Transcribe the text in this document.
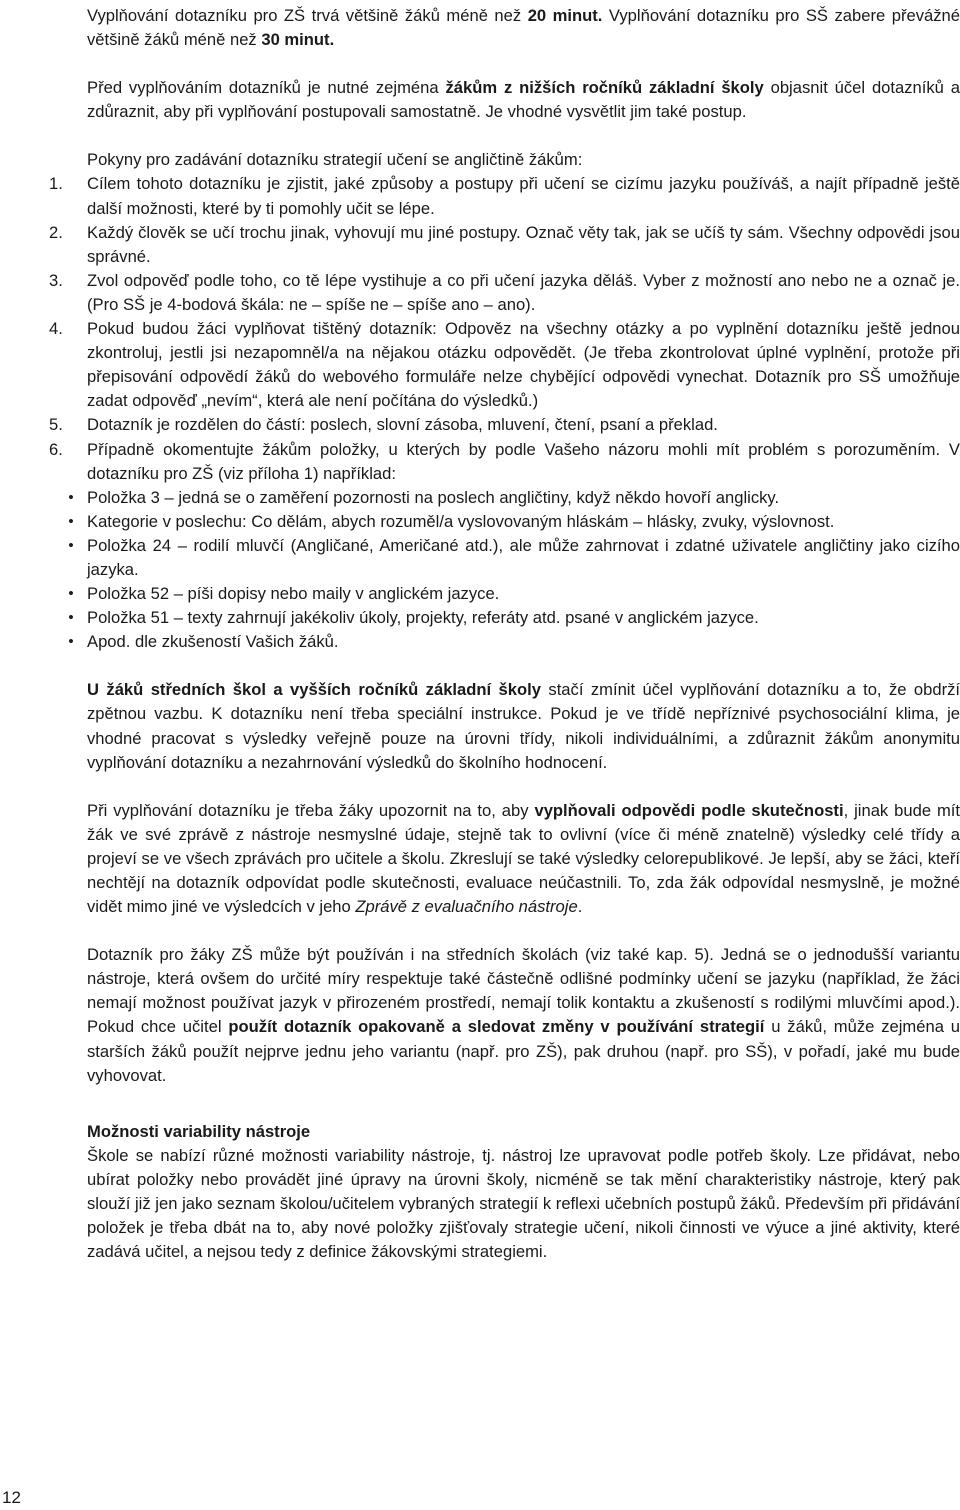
Vyplňování dotazníku pro ZŠ trvá většině žáků méně než 20 minut. Vyplňování dotazníku pro SŠ zabere převážné většině žáků méně než 30 minut.

Před vyplňováním dotazníků je nutné zejména žákům z nižších ročníků základní školy objasnit účel dotazníků a zdůraznit, aby při vyplňování postupovali samostatně. Je vhodné vysvětlit jim také postup.

Pokyny pro zadávání dotazníku strategií učení se angličtině žákům:

1.	Cílem tohoto dotazníku je zjistit, jaké způsoby a postupy při učení se cizímu jazyku používáš, a najít případně ještě další možnosti, které by ti pomohly učit se lépe.
2.	Každý člověk se učí trochu jinak, vyhovují mu jiné postupy. Označ věty tak, jak se učíš ty sám. Všechny odpovědi jsou správné.
3.	Zvol odpověď podle toho, co tě lépe vystihuje a co při učení jazyka děláš. Vyber z možností ano nebo ne a označ je. (Pro SŠ je 4-bodová škála: ne – spíše ne – spíše ano – ano).
4.	Pokud budou žáci vyplňovat tištěný dotazník: Odpověz na všechny otázky a po vyplnění dotazníku ještě jednou zkontroluj, jestli jsi nezapomněl/a na nějakou otázku odpovědět. (Je třeba zkontrolovat úplné vyplnění, protože při přepisování odpovědí žáků do webového formuláře nelze chybějící odpovědi vynechat. Dotazník pro SŠ umožňuje zadat odpověď „nevím“, která ale není počítána do výsledků.)
5.	Dotazník je rozdělen do částí: poslech, slovní zásoba, mluvení, čtení, psaní a překlad.
6.	Případně okomentujte žákům položky, u kterých by podle Vašeho názoru mohli mít problém s porozuměním. V dotazníku pro ZŠ (viz příloha 1) například:
• Položka 3 – jedná se o zaměření pozornosti na poslech angličtiny, když někdo hovoří anglicky.
• Kategorie v poslechu: Co dělám, abych rozuměl/a vyslovovaným hláskám – hlásky, zvuky, výslovnost.
• Položka 24 – rodilí mluvčí (Angličané, Američané atd.), ale může zahrnovat i zdatné uživatele angličtiny jako cizího jazyka.
• Položka 52 – píši dopisy nebo maily v anglickém jazyce.
• Položka 51 – texty zahrnují jakékoliv úkoly, projekty, referáty atd. psané v anglickém jazyce.
• Apod. dle zkušeností Vašich žáků.

U žáků středních škol a vyšších ročníků základní školy stačí zmínit účel vyplňování dotazníku a to, že obdrží zpětnou vazbu. K dotazníku není třeba speciální instrukce. Pokud je ve třídě nepříznivé psychosociální klima, je vhodné pracovat s výsledky veřejně pouze na úrovni třídy, nikoli individuálními, a zdůraznit žákům anonymitu vyplňování dotazníku a nezahrnování výsledků do školního hodnocení.

Při vyplňování dotazníku je třeba žáky upozornit na to, aby vyplňovali odpovědi podle skutečnosti, jinak bude mít žák ve své zprávě z nástroje nesmyslné údaje, stejně tak to ovlivní (více či méně znatelně) výsledky celé třídy a projeví se ve všech zprávách pro učitele a školu. Zkreslují se také výsledky celorepublikové. Je lepší, aby se žáci, kteří nechtějí na dotazník odpovídat podle skutečnosti, evaluace neúčastnili. To, zda žák odpovídal nesmyslně, je možné vidět mimo jiné ve výsledcích v jeho Zprávě z evaluačního nástroje.

Dotazník pro žáky ZŠ může být používán i na středních školách (viz také kap. 5). Jedná se o jednodušší variantu nástroje, která ovšem do určité míry respektuje také částečně odlišné podmínky učení se jazyku (například, že žáci nemají možnost používat jazyk v přirozeném prostředí, nemají tolik kontaktu a zkušeností s rodilými mluvčími apod.). Pokud chce učitel použít dotazník opakovaně a sledovat změny v používání strategií u žáků, může zejména u starších žáků použít nejprve jednu jeho variantu (např. pro ZŠ), pak druhou (např. pro SŠ), v pořadí, jaké mu bude vyhovovat.

Možnosti variability nástroje

Škole se nabízí různé možnosti variability nástroje, tj. nástroj lze upravovat podle potřeb školy. Lze přidávat, nebo ubírat položky nebo provádět jiné úpravy na úrovni školy, nicméně se tak mění charakteristiky nástroje, který pak slouží již jen jako seznam školou/učitelem vybraných strategií k reflexi učebních postupů žáků. Především při přidávání položek je třeba dbát na to, aby nové položky zjišťovaly strategie učení, nikoli činnosti ve výuce a jiné aktivity, které zadává učitel, a nejsou tedy z definice žákovskými strategiemi.

12
